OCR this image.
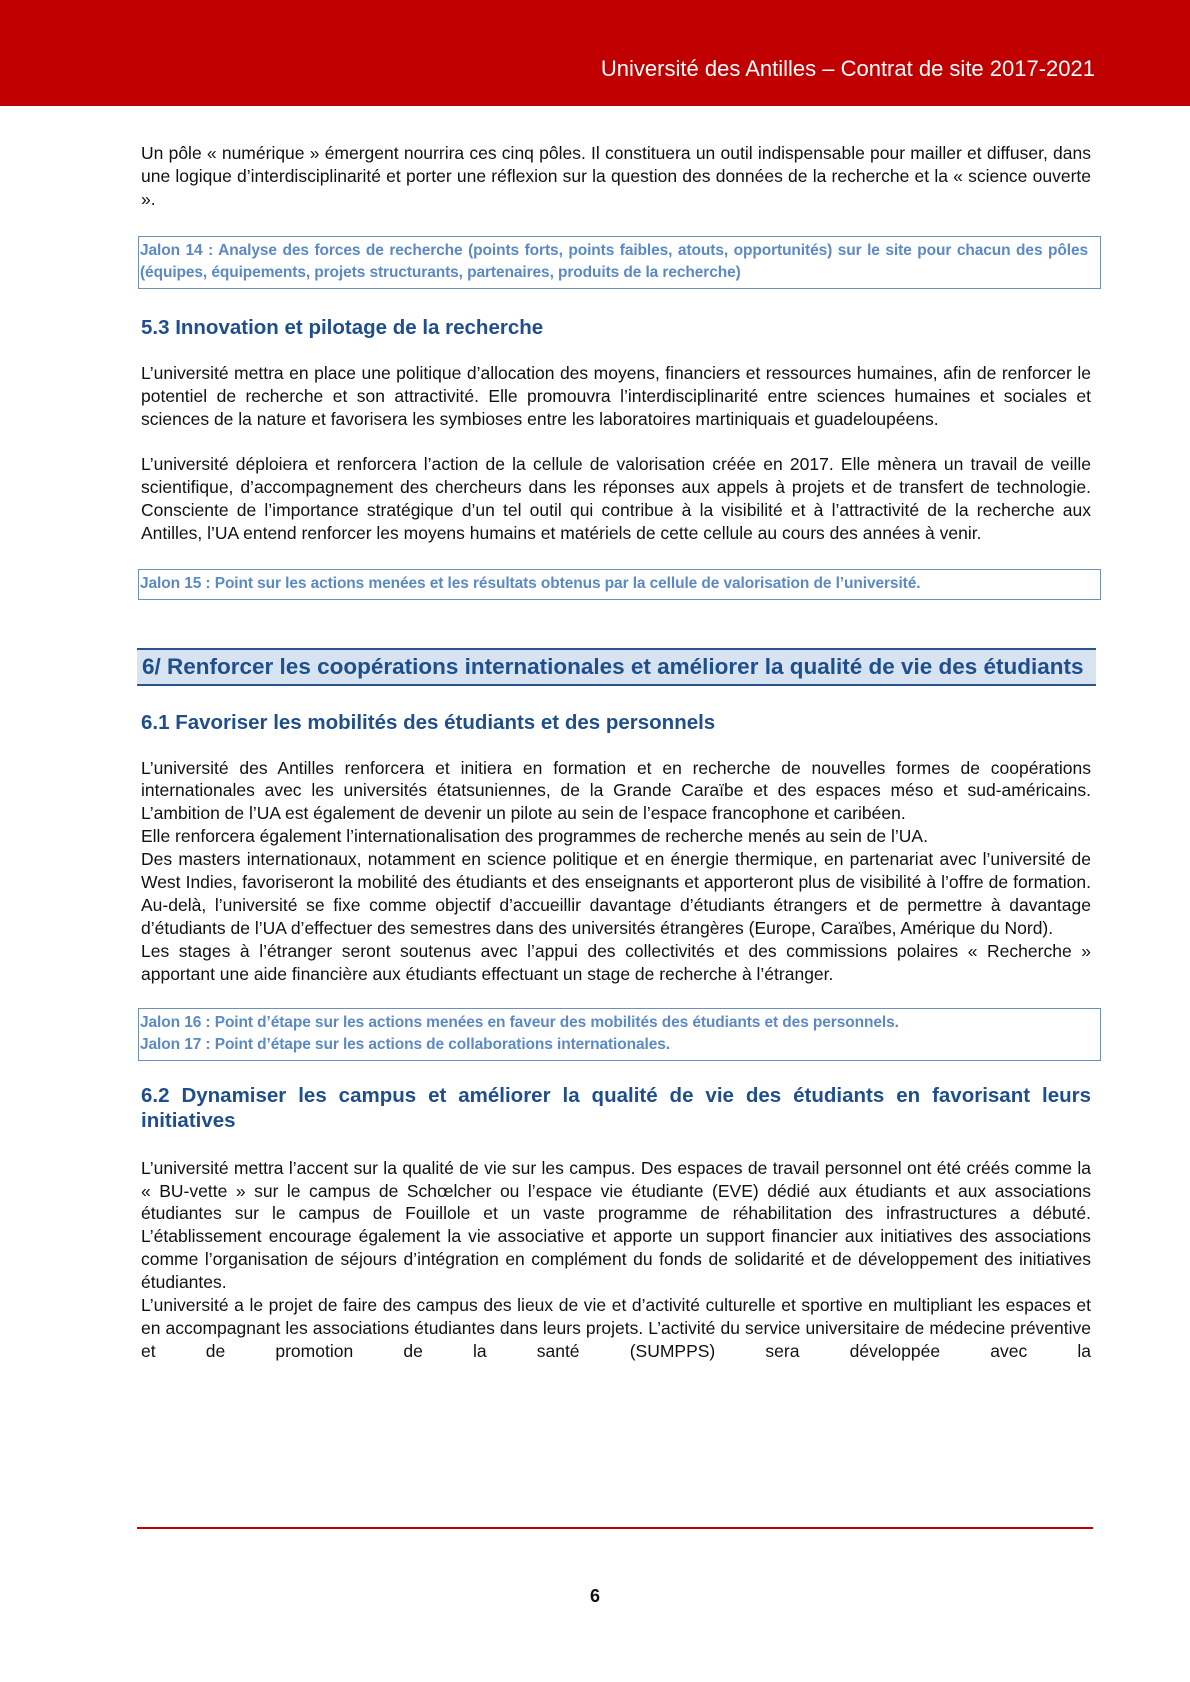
Université des Antilles – Contrat de site 2017-2021

Un pôle « numérique » émergent nourrira ces cinq pôles. Il constituera un outil indispensable pour mailler et diffuser, dans une logique d’interdisciplinarité et porter une réflexion sur la question des données de la recherche et la « science ouverte ».

Jalon 14 : Analyse des forces de recherche (points forts, points faibles, atouts, opportunités) sur le site pour chacun des pôles (équipes, équipements, projets structurants, partenaires, produits de la recherche)

5.3 Innovation et pilotage de la recherche

L’université mettra en place une politique d’allocation des moyens, financiers et ressources humaines, afin de renforcer le potentiel de recherche et son attractivité. Elle promouvra l’interdisciplinarité entre sciences humaines et sociales et sciences de la nature et favorisera les symbioses entre les laboratoires martiniquais et guadeloupéens.

L’université déploiera et renforcera l’action de la cellule de valorisation créée en 2017. Elle mènera un travail de veille scientifique, d’accompagnement des chercheurs dans les réponses aux appels à projets et de transfert de technologie. Consciente de l’importance stratégique d’un tel outil qui contribue à la visibilité et à l’attractivité de la recherche aux Antilles, l’UA entend renforcer les moyens humains et matériels de cette cellule au cours des années à venir.

Jalon 15 : Point sur les actions menées et les résultats obtenus par la cellule de valorisation de l’université.

6/ Renforcer les coopérations internationales et améliorer la qualité de vie des étudiants
6.1 Favoriser les mobilités des étudiants et des personnels

L’université des Antilles renforcera et initiera en formation et en recherche de nouvelles formes de coopérations internationales avec les universités étatsuniennes, de la Grande Caraïbe et des espaces méso et sud-américains. L’ambition de l’UA est également de devenir un pilote au sein de l’espace francophone et caribéen.

Elle renforcera également l’internationalisation des programmes de recherche menés au sein de l’UA.

Des masters internationaux, notamment en science politique et en énergie thermique, en partenariat avec l’université de West Indies, favoriseront la mobilité des étudiants et des enseignants et apporteront plus de visibilité à l’offre de formation. Au-delà, l’université se fixe comme objectif d’accueillir davantage d’étudiants étrangers et de permettre à davantage d’étudiants de l’UA d’effectuer des semestres dans des universités étrangères (Europe, Caraïbes, Amérique du Nord).

Les stages à l’étranger seront soutenus avec l’appui des collectivités et des commissions polaires « Recherche » apportant une aide financière aux étudiants effectuant un stage de recherche à l’étranger.

Jalon 16 : Point d’étape sur les actions menées en faveur des mobilités des étudiants et des personnels.

Jalon 17 : Point d’étape sur les actions de collaborations internationales.

6.2 Dynamiser les campus et améliorer la qualité de vie des étudiants en favorisant leurs initiatives

L’université mettra l’accent sur la qualité de vie sur les campus. Des espaces de travail personnel ont été créés comme la « BU-vette » sur le campus de Schœlcher ou l’espace vie étudiante (EVE) dédié aux étudiants et aux associations étudiantes sur le campus de Fouillole et un vaste programme de réhabilitation des infrastructures a débuté. L’établissement encourage également la vie associative et apporte un support financier aux initiatives des associations comme l’organisation de séjours d’intégration en complément du fonds de solidarité et de développement des initiatives étudiantes.

L’université a le projet de faire des campus des lieux de vie et d’activité culturelle et sportive en multipliant les espaces et en accompagnant les associations étudiantes dans leurs projets. L’activité du service universitaire de médecine préventive et de promotion de la santé (SUMPPS) sera développée avec la

6
